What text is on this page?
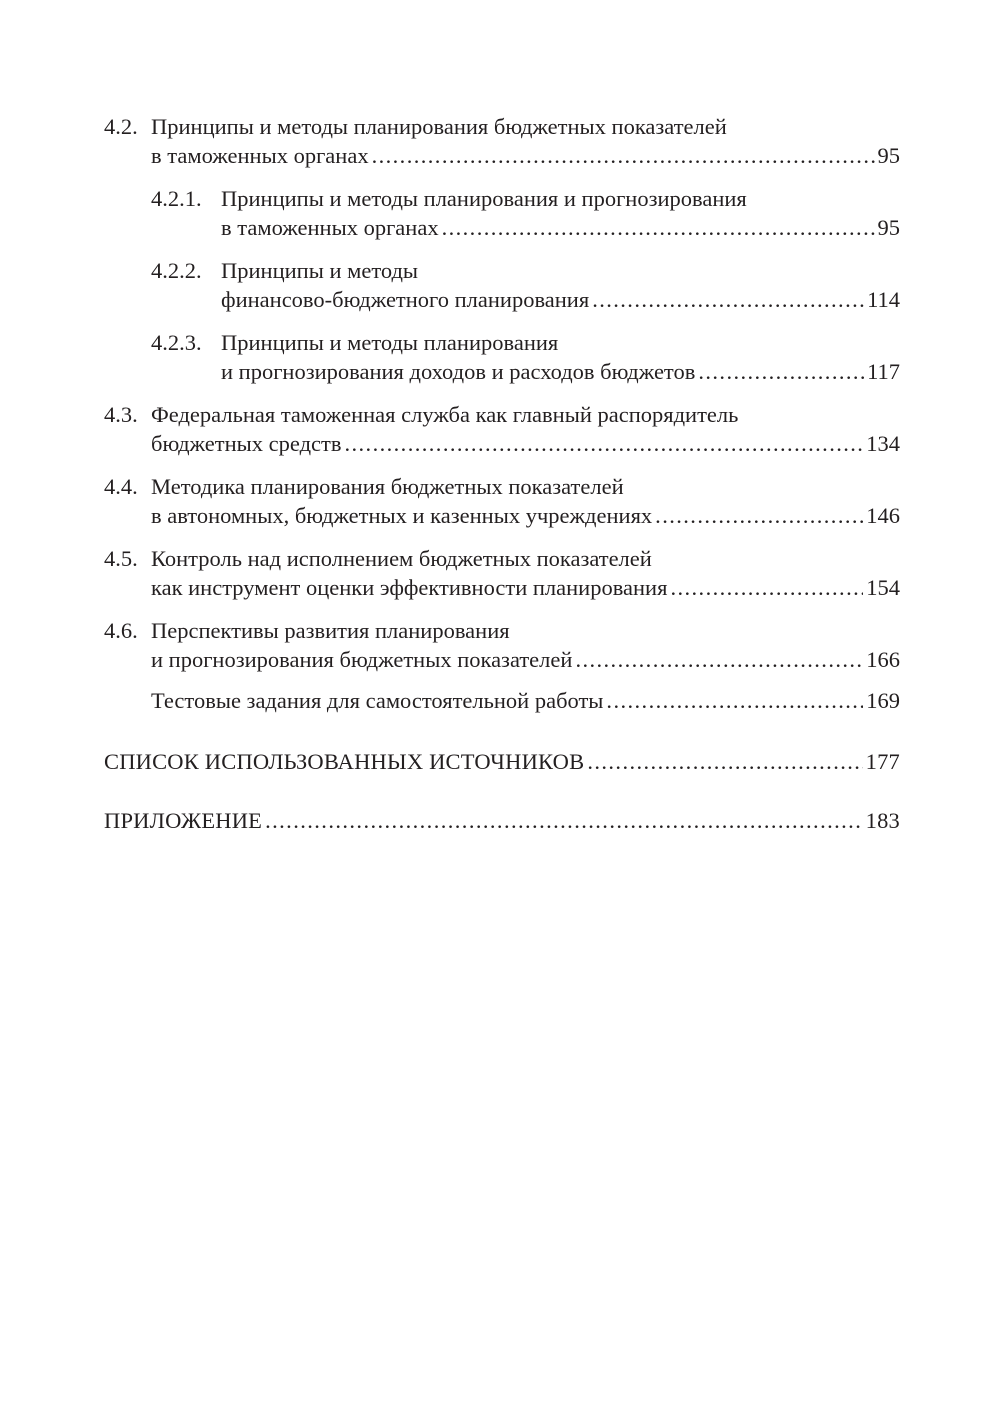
4.2. Принципы и методы планирования бюджетных показателей
в таможенных органах .....	95
4.2.1. Принципы и методы планирования и прогнозирования
в таможенных органах .....	95
4.2.2. Принципы и методы
финансово-бюджетного планирования .....	114
4.2.3. Принципы и методы планирования
и прогнозирования доходов и расходов бюджетов .....	117
4.3. Федеральная таможенная служба как главный распорядитель
бюджетных средств .....	134
4.4. Методика планирования бюджетных показателей
в автономных, бюджетных и казенных учреждениях .....	146
4.5. Контроль над исполнением бюджетных показателей
как инструмент оценки эффективности планирования .....	154
4.6. Перспективы развития планирования
и прогнозирования бюджетных показателей .....	166
Тестовые задания для самостоятельной работы .....	169
СПИСОК ИСПОЛЬЗОВАННЫХ ИСТОЧНИКОВ .....	177
ПРИЛОЖЕНИЕ .....	183
